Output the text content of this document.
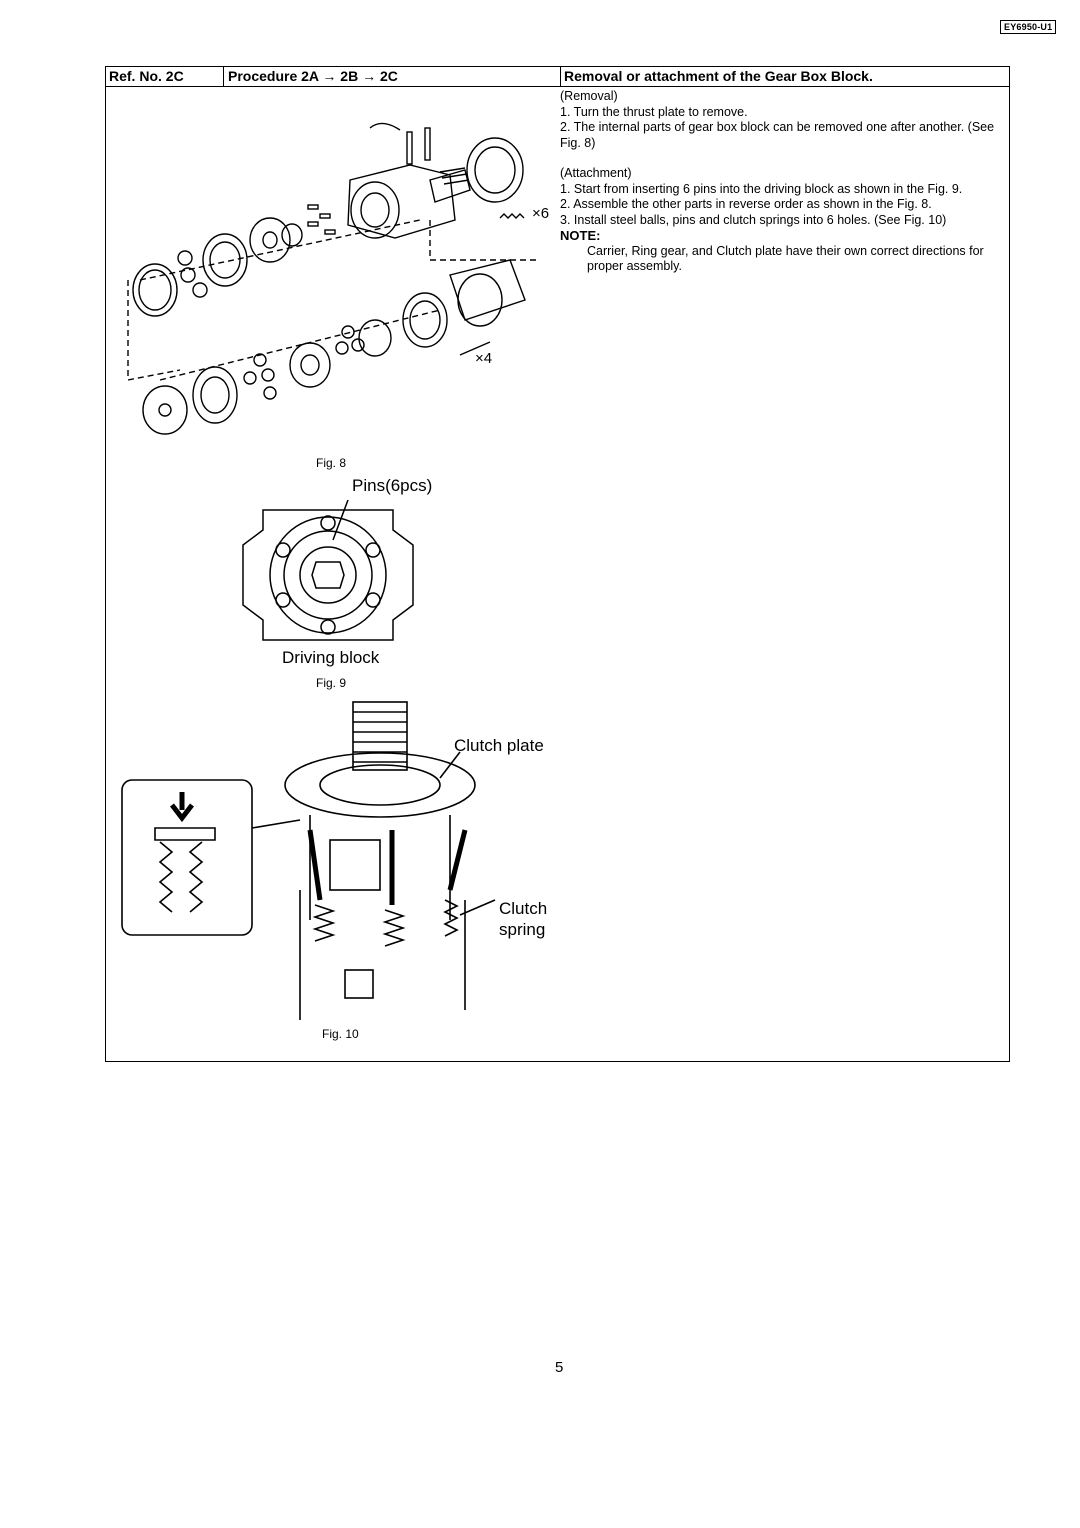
EY6950-U1
Ref. No. 2C	Procedure 2A → 2B → 2C	Removal or attachment of the Gear Box Block.

(Removal)

1. Turn the thrust plate to remove.

2. The internal parts of gear box block can be removed one after another. (See Fig. 8)

(Attachment)

1. Start from inserting 6 pins into the driving block as shown in the Fig. 9.

2. Assemble the other parts in reverse order as shown in the Fig. 8.

3. Install steel balls, pins and clutch springs into 6 holes. (See Fig. 10)

NOTE:

Carrier, Ring gear, and Clutch plate have their own correct directions for proper assembly.

×6
×4
Fig. 8
Pins(6pcs)
Driving block
Fig. 9
Clutch plate
Clutch
spring
Fig. 10
5
